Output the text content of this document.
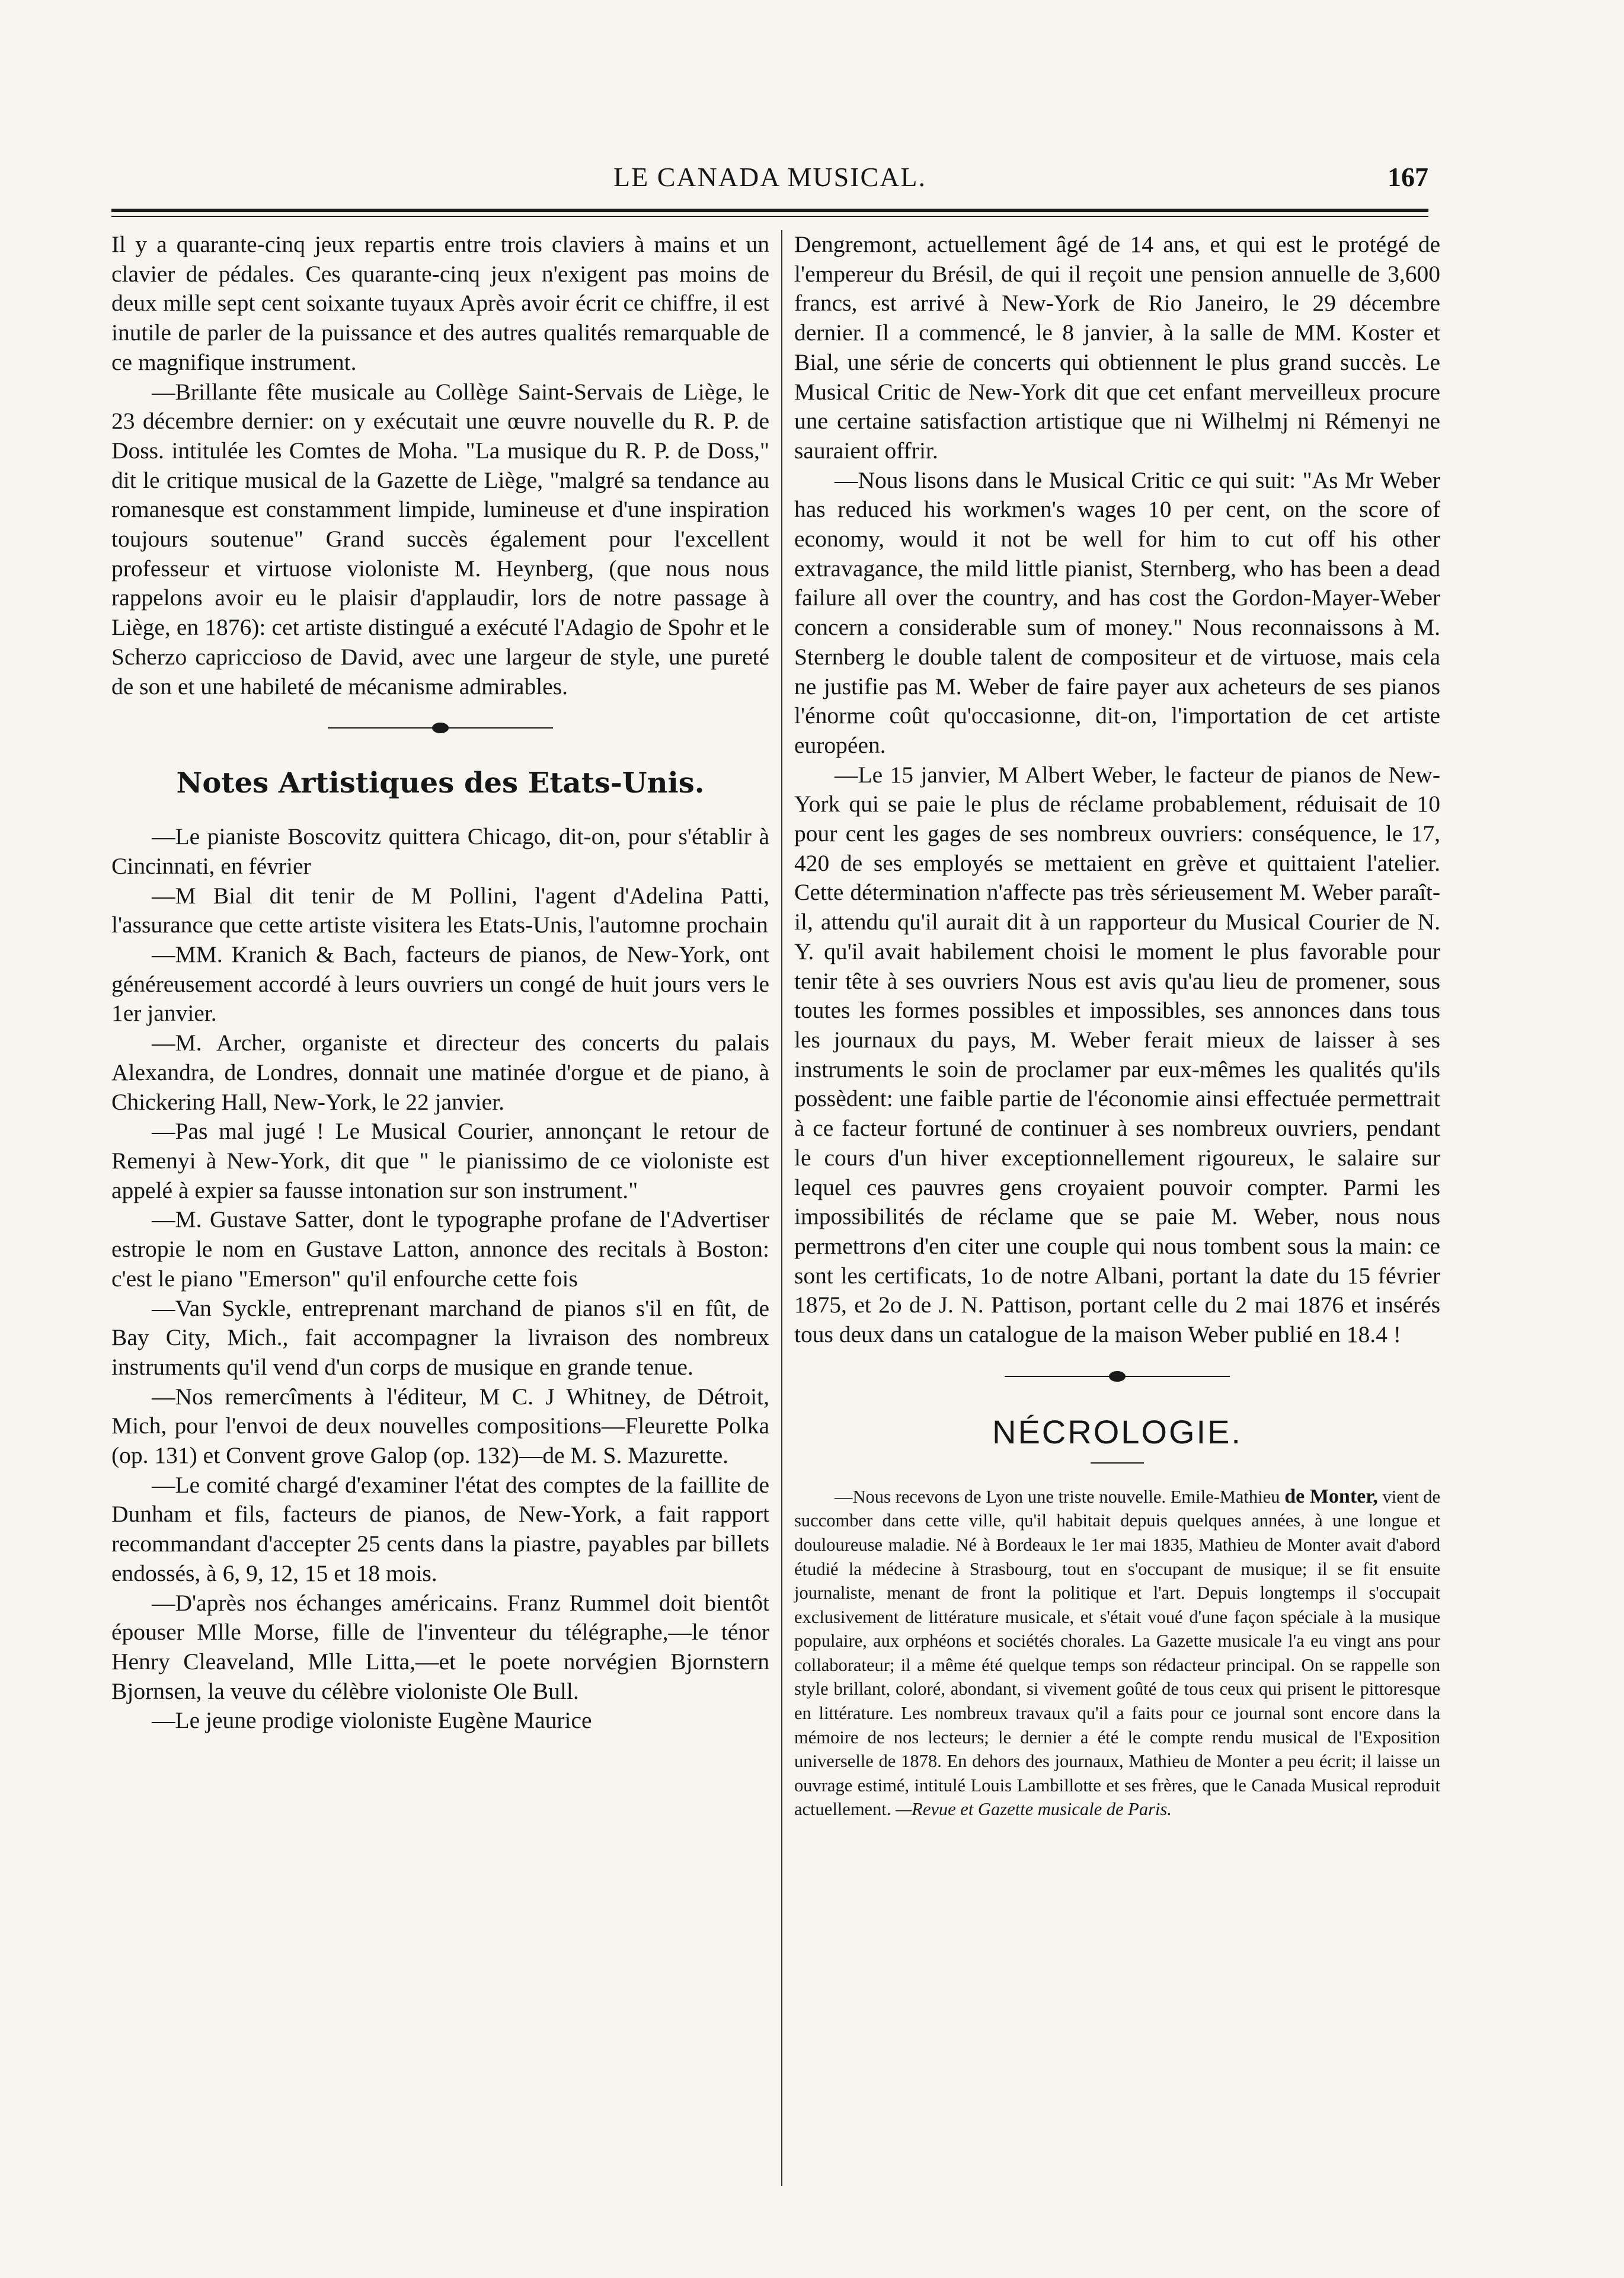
LE CANADA MUSICAL.	167

Il y a quarante-cinq jeux repartis entre trois claviers à mains et un clavier de pédales. Ces quarante-cinq jeux n'exigent pas moins de deux mille sept cent soixante tuyaux Après avoir écrit ce chiffre, il est inutile de parler de la puissance et des autres qualités remarquable de ce magnifique instrument.

—Brillante fête musicale au Collège Saint-Servais de Liège, le 23 décembre dernier: on y exécutait une œuvre nouvelle du R. P. de Doss. intitulée les Comtes de Moha. "La musique du R. P. de Doss," dit le critique musical de la Gazette de Liège, "malgré sa tendance au romanesque est constamment limpide, lumineuse et d'une inspiration toujours soutenue" Grand succès également pour l'excellent professeur et virtuose violoniste M. Heynberg, (que nous nous rappelons avoir eu le plaisir d'applaudir, lors de notre passage à Liège, en 1876): cet artiste distingué a exécuté l'Adagio de Spohr et le Scherzo capriccioso de David, avec une largeur de style, une pureté de son et une habileté de mécanisme admirables.

Notes Artistiques des Etats-Unis.

—Le pianiste Boscovitz quittera Chicago, dit-on, pour s'établir à Cincinnati, en février

—M Bial dit tenir de M Pollini, l'agent d'Adelina Patti, l'assurance que cette artiste visitera les Etats-Unis, l'automne prochain

—MM. Kranich & Bach, facteurs de pianos, de New-York, ont généreusement accordé à leurs ouvriers un congé de huit jours vers le 1er janvier.

—M. Archer, organiste et directeur des concerts du palais Alexandra, de Londres, donnait une matinée d'orgue et de piano, à Chickering Hall, New-York, le 22 janvier.

—Pas mal jugé ! Le Musical Courier, annonçant le retour de Remenyi à New-York, dit que " le pianissimo de ce violoniste est appelé à expier sa fausse intonation sur son instrument."

—M. Gustave Satter, dont le typographe profane de l'Advertiser estropie le nom en Gustave Latton, annonce des recitals à Boston: c'est le piano "Emerson" qu'il enfourche cette fois

—Van Syckle, entreprenant marchand de pianos s'il en fût, de Bay City, Mich., fait accompagner la livraison des nombreux instruments qu'il vend d'un corps de musique en grande tenue.

—Nos remercîments à l'éditeur, M C. J Whitney, de Détroit, Mich, pour l'envoi de deux nouvelles compositions—Fleurette Polka (op. 131) et Convent grove Galop (op. 132)—de M. S. Mazurette.

—Le comité chargé d'examiner l'état des comptes de la faillite de Dunham et fils, facteurs de pianos, de New-York, a fait rapport recommandant d'accepter 25 cents dans la piastre, payables par billets endossés, à 6, 9, 12, 15 et 18 mois.

—D'après nos échanges américains. Franz Rummel doit bientôt épouser Mlle Morse, fille de l'inventeur du télégraphe,—le ténor Henry Cleaveland, Mlle Litta,—et le poete norvégien Bjornstern Bjornsen, la veuve du célèbre violoniste Ole Bull.

—Le jeune prodige violoniste Eugène Maurice

Dengremont, actuellement âgé de 14 ans, et qui est le protégé de l'empereur du Brésil, de qui il reçoit une pension annuelle de 3,600 francs, est arrivé à New-York de Rio Janeiro, le 29 décembre dernier. Il a commencé, le 8 janvier, à la salle de MM. Koster et Bial, une série de concerts qui obtiennent le plus grand succès. Le Musical Critic de New-York dit que cet enfant merveilleux procure une certaine satisfaction artistique que ni Wilhelmj ni Rémenyi ne sauraient offrir.

—Nous lisons dans le Musical Critic ce qui suit: "As Mr Weber has reduced his workmen's wages 10 per cent, on the score of economy, would it not be well for him to cut off his other extravagance, the mild little pianist, Sternberg, who has been a dead failure all over the country, and has cost the Gordon-Mayer-Weber concern a considerable sum of money." Nous reconnaissons à M. Sternberg le double talent de compositeur et de virtuose, mais cela ne justifie pas M. Weber de faire payer aux acheteurs de ses pianos l'énorme coût qu'occasionne, dit-on, l'importation de cet artiste européen.

—Le 15 janvier, M Albert Weber, le facteur de pianos de New-York qui se paie le plus de réclame probablement, réduisait de 10 pour cent les gages de ses nombreux ouvriers: conséquence, le 17, 420 de ses employés se mettaient en grève et quittaient l'atelier. Cette détermination n'affecte pas très sérieusement M. Weber paraît-il, attendu qu'il aurait dit à un rapporteur du Musical Courier de N. Y. qu'il avait habilement choisi le moment le plus favorable pour tenir tête à ses ouvriers Nous est avis qu'au lieu de promener, sous toutes les formes possibles et impossibles, ses annonces dans tous les journaux du pays, M. Weber ferait mieux de laisser à ses instruments le soin de proclamer par eux-mêmes les qualités qu'ils possèdent: une faible partie de l'économie ainsi effectuée permettrait à ce facteur fortuné de continuer à ses nombreux ouvriers, pendant le cours d'un hiver exceptionnellement rigoureux, le salaire sur lequel ces pauvres gens croyaient pouvoir compter. Parmi les impossibilités de réclame que se paie M. Weber, nous nous permettrons d'en citer une couple qui nous tombent sous la main: ce sont les certificats, 1o de notre Albani, portant la date du 15 février 1875, et 2o de J. N. Pattison, portant celle du 2 mai 1876 et insérés tous deux dans un catalogue de la maison Weber publié en 18.4 !

NÉCROLOGIE.

—Nous recevons de Lyon une triste nouvelle. Emile-Mathieu de Monter, vient de succomber dans cette ville, qu'il habitait depuis quelques années, à une longue et douloureuse maladie. Né à Bordeaux le 1er mai 1835, Mathieu de Monter avait d'abord étudié la médecine à Strasbourg, tout en s'occupant de musique; il se fit ensuite journaliste, menant de front la politique et l'art. Depuis longtemps il s'occupait exclusivement de littérature musicale, et s'était voué d'une façon spéciale à la musique populaire, aux orphéons et sociétés chorales. La Gazette musicale l'a eu vingt ans pour collaborateur; il a même été quelque temps son rédacteur principal. On se rappelle son style brillant, coloré, abondant, si vivement goûté de tous ceux qui prisent le pittoresque en littérature. Les nombreux travaux qu'il a faits pour ce journal sont encore dans la mémoire de nos lecteurs; le dernier a été le compte rendu musical de l'Exposition universelle de 1878. En dehors des journaux, Mathieu de Monter a peu écrit; il laisse un ouvrage estimé, intitulé Louis Lambillotte et ses frères, que le Canada Musical reproduit actuellement. —Revue et Gazette musicale de Paris.
